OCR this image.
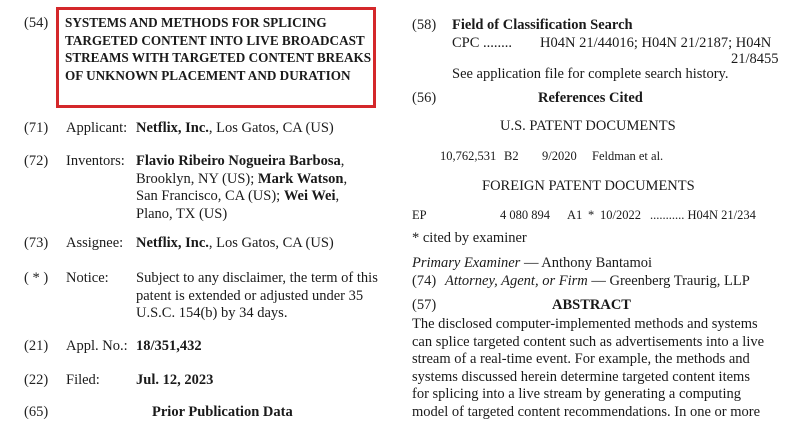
(54) SYSTEMS AND METHODS FOR SPLICING TARGETED CONTENT INTO LIVE BROADCAST STREAMS WITH TARGETED CONTENT BREAKS OF UNKNOWN PLACEMENT AND DURATION
(71) Applicant: Netflix, Inc., Los Gatos, CA (US)
(72) Inventors: Flavio Ribeiro Nogueira Barbosa,
Brooklyn, NY (US); Mark Watson,
San Francisco, CA (US); Wei Wei,
Plano, TX (US)
(73) Assignee: Netflix, Inc., Los Gatos, CA (US)
( * ) Notice: Subject to any disclaimer, the term of this
patent is extended or adjusted under 35
U.S.C. 154(b) by 34 days.
(21) Appl. No.: 18/351,432
(22) Filed: Jul. 12, 2023
(65)	Prior Publication Data
(58) Field of Classification Search
CPC ........ H04N 21/44016; H04N 21/2187; H04N
21/8455
See application file for complete search history.
(56)	References Cited
U.S. PATENT DOCUMENTS
10,762,531 B2 9/2020 Feldman et al.
FOREIGN PATENT DOCUMENTS
EP	4 080 894 A1 * 10/2022 ........... H04N 21/234
* cited by examiner
Primary Examiner — Anthony Bantamoi
(74) Attorney, Agent, or Firm — Greenberg Traurig, LLP
(57)	ABSTRACT
The disclosed computer-implemented methods and systems
can splice targeted content such as advertisements into a live
stream of a real-time event. For example, the methods and
systems discussed herein determine targeted content items
for splicing into a live stream by generating a computing
model of targeted content recommendations. In one or more
